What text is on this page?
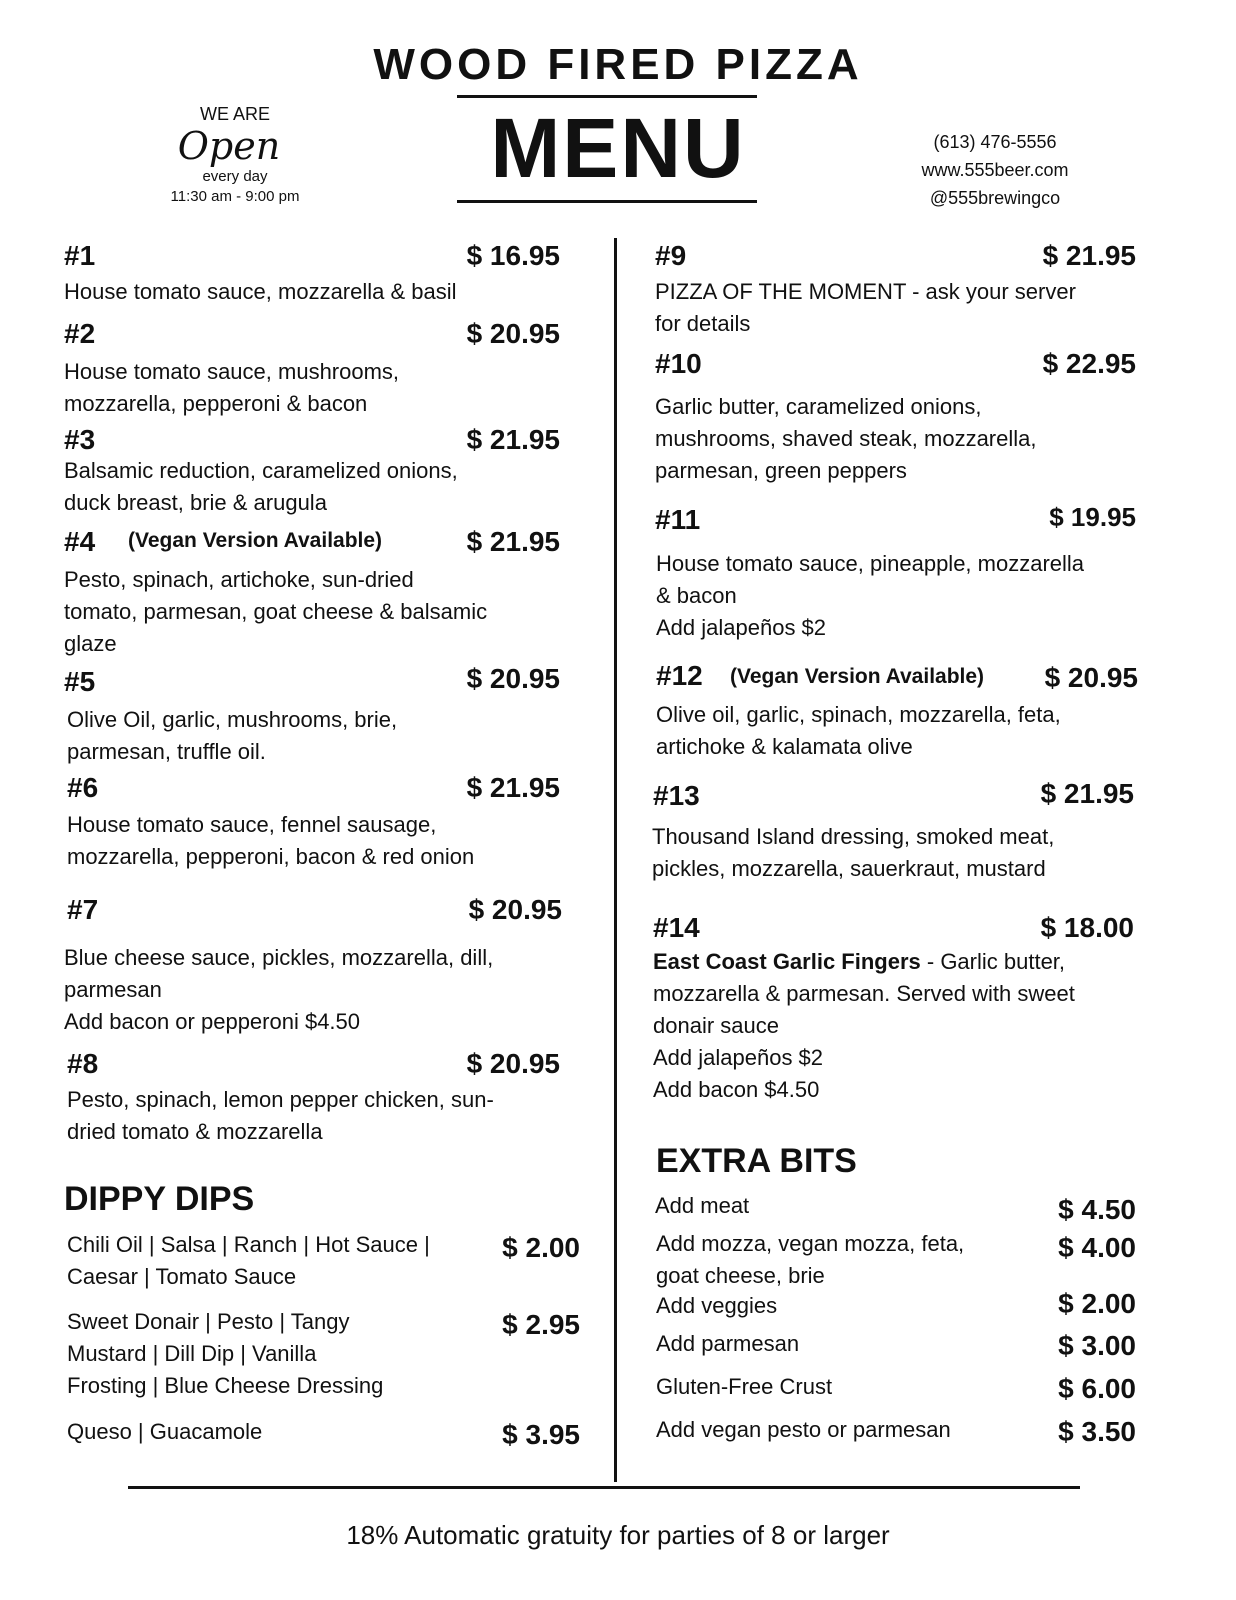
WOOD FIRED PIZZA
MENU
WE ARE
Open
every day
11:30 am - 9:00 pm
(613) 476-5556
www.555beer.com
@555brewingco
#1	$ 16.95
House tomato sauce, mozzarella & basil
#2	$ 20.95
House tomato sauce, mushrooms,
mozzarella, pepperoni & bacon
#3	$ 21.95
Balsamic reduction, caramelized onions,
duck breast, brie & arugula
#4 (Vegan Version Available)	$ 21.95
Pesto, spinach, artichoke, sun-dried
tomato, parmesan, goat cheese & balsamic
glaze
#5	$ 20.95
Olive Oil, garlic, mushrooms, brie,
parmesan, truffle oil.
#6	$ 21.95
House tomato sauce, fennel sausage,
mozzarella, pepperoni, bacon & red onion
#7	$ 20.95
Blue cheese sauce, pickles, mozzarella, dill,
parmesan
Add bacon or pepperoni $4.50
#8	$ 20.95
Pesto, spinach, lemon pepper chicken, sun-
dried tomato & mozzarella
DIPPY DIPS
Chili Oil | Salsa | Ranch | Hot Sauce |
Caesar | Tomato Sauce
$ 2.00
Sweet Donair | Pesto | Tangy
Mustard | Dill Dip | Vanilla
Frosting | Blue Cheese Dressing
$ 2.95
Queso | Guacamole	$ 3.95
#9	$ 21.95
PIZZA OF THE MOMENT - ask your server
for details
#10	$ 22.95
Garlic butter, caramelized onions,
mushrooms, shaved steak, mozzarella,
parmesan, green peppers
#11	$ 19.95
House tomato sauce, pineapple, mozzarella
& bacon
Add jalapeños $2
#12 (Vegan Version Available)	$ 20.95
Olive oil, garlic, spinach, mozzarella, feta,
artichoke & kalamata olive
#13	$ 21.95
Thousand Island dressing, smoked meat,
pickles, mozzarella, sauerkraut, mustard
#14	$ 18.00
East Coast Garlic Fingers - Garlic butter,
mozzarella & parmesan. Served with sweet
donair sauce
Add jalapeños $2
Add bacon $4.50
EXTRA BITS
Add meat	$ 4.50
Add mozza, vegan mozza, feta,
goat cheese, brie
$ 4.00
Add veggies	$ 2.00
Add parmesan	$ 3.00
Gluten-Free Crust	$ 6.00
Add vegan pesto or parmesan	$ 3.50
18% Automatic gratuity for parties of 8 or larger
